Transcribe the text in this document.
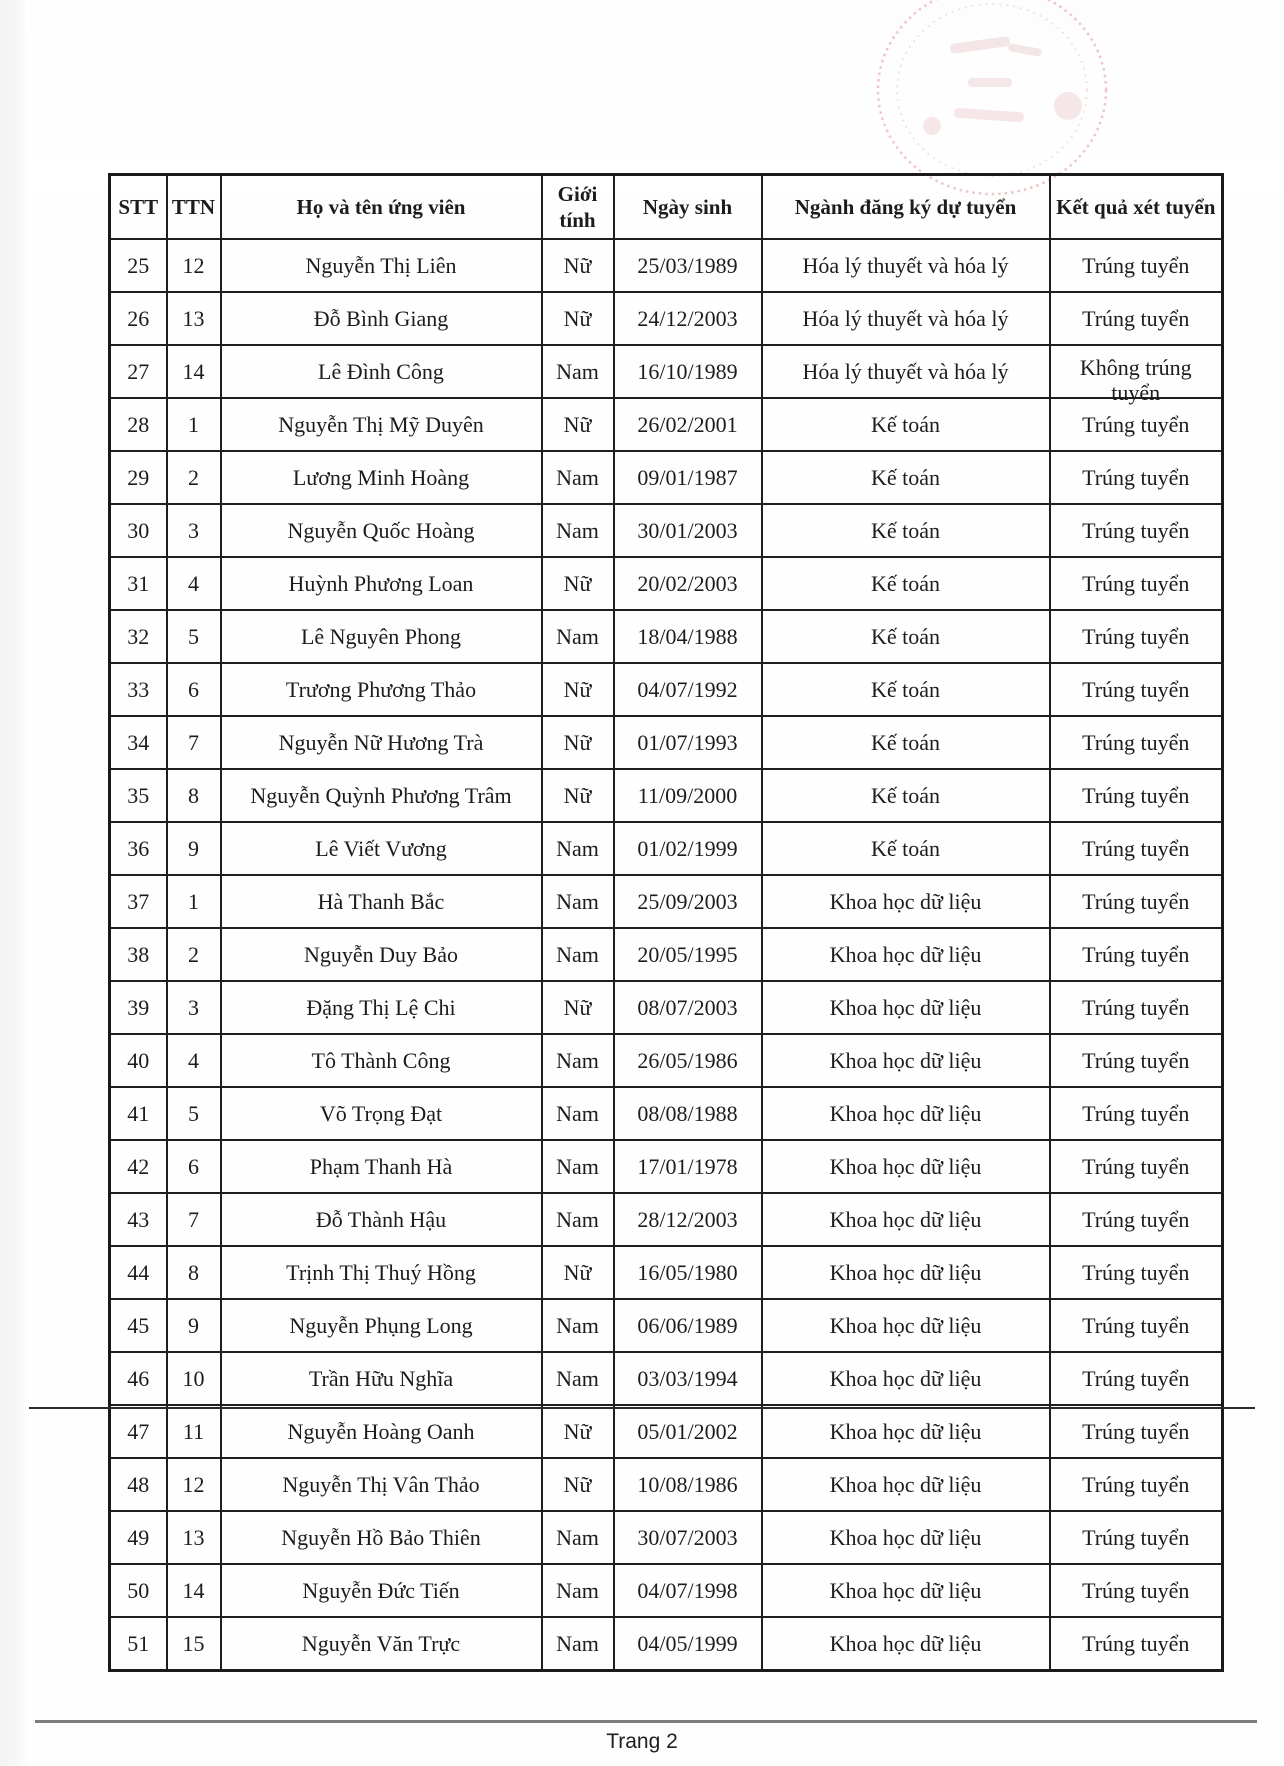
STT	TTN	Họ và tên ứng viên	Giới tính	Ngày sinh	Ngành đăng ký dự tuyển	Kết quả xét tuyển
25	12	Nguyễn Thị Liên	Nữ	25/03/1989	Hóa lý thuyết và hóa lý	Trúng tuyển
26	13	Đỗ Bình Giang	Nữ	24/12/2003	Hóa lý thuyết và hóa lý	Trúng tuyển
27	14	Lê Đình Công	Nam	16/10/1989	Hóa lý thuyết và hóa lý	Không trúng tuyển

28	1	Nguyễn Thị Mỹ Duyên	Nữ	26/02/2001	Kế toán	Trúng tuyển
29	2	Lương Minh Hoàng	Nam	09/01/1987	Kế toán	Trúng tuyển
30	3	Nguyễn Quốc Hoàng	Nam	30/01/2003	Kế toán	Trúng tuyển
31	4	Huỳnh Phương Loan	Nữ	20/02/2003	Kế toán	Trúng tuyển
32	5	Lê Nguyên Phong	Nam	18/04/1988	Kế toán	Trúng tuyển
33	6	Trương Phương Thảo	Nữ	04/07/1992	Kế toán	Trúng tuyển
34	7	Nguyễn Nữ Hương Trà	Nữ	01/07/1993	Kế toán	Trúng tuyển
35	8	Nguyễn Quỳnh Phương Trâm	Nữ	11/09/2000	Kế toán	Trúng tuyển
36	9	Lê Viết Vương	Nam	01/02/1999	Kế toán	Trúng tuyển
37	1	Hà Thanh Bắc	Nam	25/09/2003	Khoa học dữ liệu	Trúng tuyển
38	2	Nguyễn Duy Bảo	Nam	20/05/1995	Khoa học dữ liệu	Trúng tuyển
39	3	Đặng Thị Lệ Chi	Nữ	08/07/2003	Khoa học dữ liệu	Trúng tuyển
40	4	Tô Thành Công	Nam	26/05/1986	Khoa học dữ liệu	Trúng tuyển
41	5	Võ Trọng Đạt	Nam	08/08/1988	Khoa học dữ liệu	Trúng tuyển
42	6	Phạm Thanh Hà	Nam	17/01/1978	Khoa học dữ liệu	Trúng tuyển
43	7	Đỗ Thành Hậu	Nam	28/12/2003	Khoa học dữ liệu	Trúng tuyển
44	8	Trịnh Thị Thuý Hồng	Nữ	16/05/1980	Khoa học dữ liệu	Trúng tuyển
45	9	Nguyễn Phụng Long	Nam	06/06/1989	Khoa học dữ liệu	Trúng tuyển
46	10	Trần Hữu Nghĩa	Nam	03/03/1994	Khoa học dữ liệu	Trúng tuyển
47	11	Nguyễn Hoàng Oanh	Nữ	05/01/2002	Khoa học dữ liệu	Trúng tuyển
48	12	Nguyễn Thị Vân Thảo	Nữ	10/08/1986	Khoa học dữ liệu	Trúng tuyển
49	13	Nguyễn Hồ Bảo Thiên	Nam	30/07/2003	Khoa học dữ liệu	Trúng tuyển
50	14	Nguyễn Đức Tiến	Nam	04/07/1998	Khoa học dữ liệu	Trúng tuyển
51	15	Nguyễn Văn Trực	Nam	04/05/1999	Khoa học dữ liệu	Trúng tuyển
Trang 2
